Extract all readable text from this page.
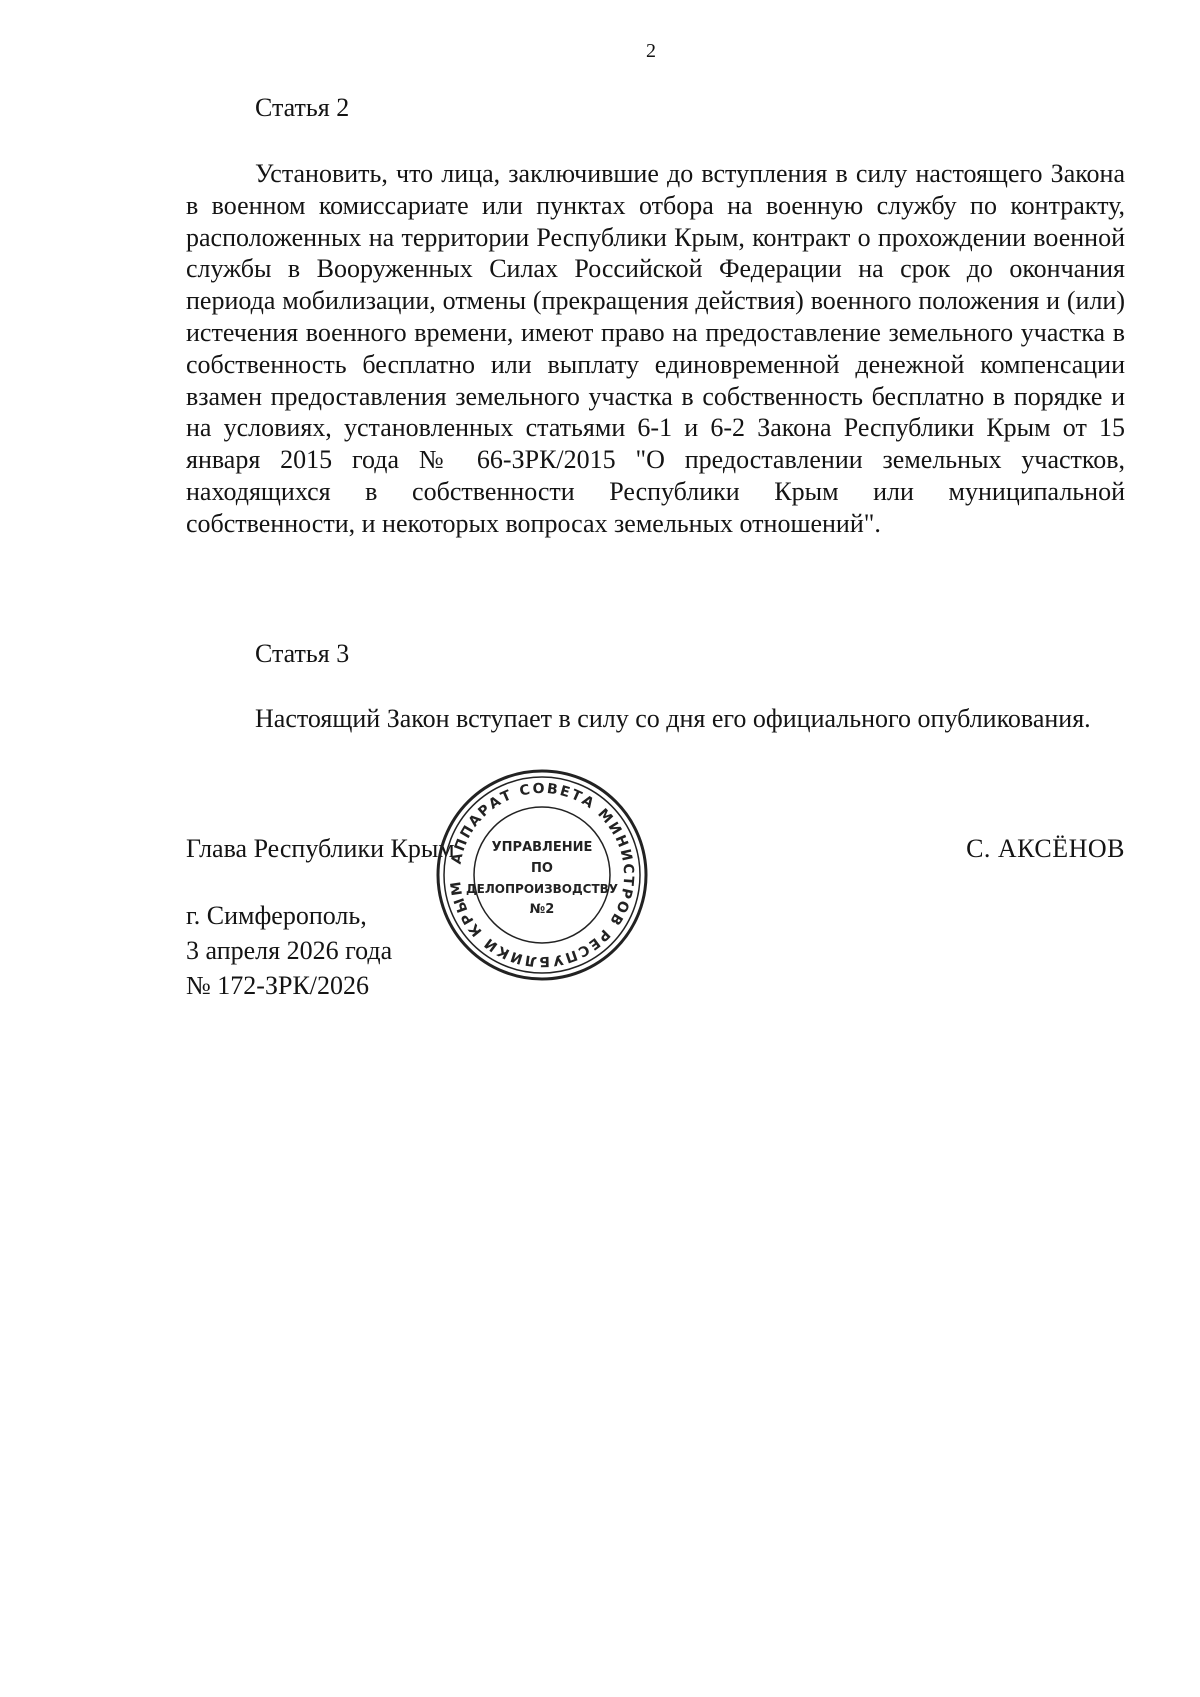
2
Статья 2

Установить, что лица, заключившие до вступления в силу настоящего Закона в военном комиссариате или пунктах отбора на военную службу по контракту, расположенных на территории Республики Крым, контракт о прохождении военной службы в Вооруженных Силах Российской Федерации на срок до окончания периода мобилизации, отмены (прекращения действия) военного положения и (или) истечения военного времени, имеют право на предоставление земельного участка в собственность бесплатно или выплату единовременной денежной компенсации взамен предоставления земельного участка в собственность бесплатно в порядке и на условиях, установленных статьями 6-1 и 6-2 Закона Республики Крым от 15 января 2015 года № 66-ЗРК/2015 "О предоставлении земельных участков, находящихся в собственности Республики Крым или муниципальной собственности, и некоторых вопросах земельных отношений".

Статья 3

Настоящий Закон вступает в силу со дня его официального опубликования.

Глава Республики Крым	С. АКСЁНОВ
г. Симферополь,
3 апреля 2026 года
№ 172-ЗРК/2026
АППАРАТ СОВЕТА МИНИСТРОВ РЕСПУБЛИКИ КРЫМ
УПРАВЛЕНИЕ
ПО
ДЕЛОПРОИЗВОДСТВУ
№2
